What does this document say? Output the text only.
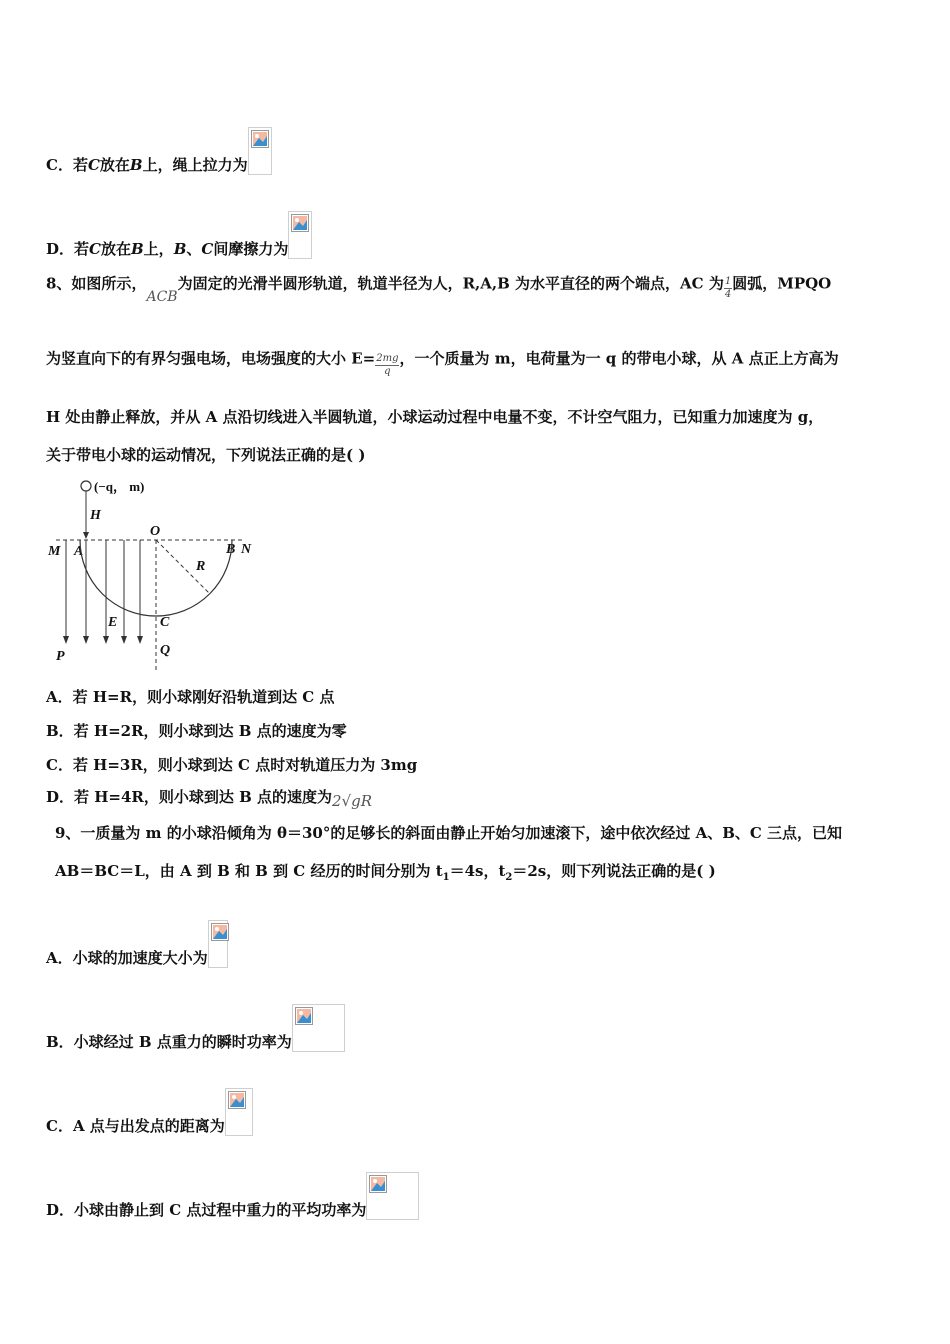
C．若C放在B上，绳上拉力为
D．若C放在B上，B、C间摩擦力为
8、如图所示，ACB为固定的光滑半圆形轨道，轨道半径为人，R,A,B 为水平直径的两个端点，AC 为 $\frac{1}{4}$ 圆弧，MPQO
为竖直向下的有界匀强电场，电场强度的大小 $E= \frac{2mg}{q}$ ，一个质量为 m，电荷量为一 q 的带电小球，从 A 点正上方高为
H 处由静止释放，并从 A 点沿切线进入半圆轨道，小球运动过程中电量不变，不计空气阻力，已知重力加速度为 g，
关于带电小球的运动情况，下列说法正确的是( )
(−q， m)
H
M A
O
B N
R
E	C
P	Q
A．若 H=R，则小球刚好沿轨道到达 C 点
B．若 H=2R，则小球到达 B 点的速度为零
C．若 H=3R，则小球到达 C 点时对轨道压力为 3mg
D．若 H=4R，则小球到达 B 点的速度为2√gR
9、一质量为 m 的小球沿倾角为 θ＝30°的足够长的斜面由静止开始匀加速滚下，途中依次经过 A、B、C 三点，已知
AB＝BC＝L，由 A 到 B 和 B 到 C 经历的时间分别为 $t_1=4s$，$t_2=2s$，则下列说法正确的是( )
A．小球的加速度大小为
B．小球经过 B 点重力的瞬时功率为
C．A 点与出发点的距离为
D．小球由静止到 C 点过程中重力的平均功率为
